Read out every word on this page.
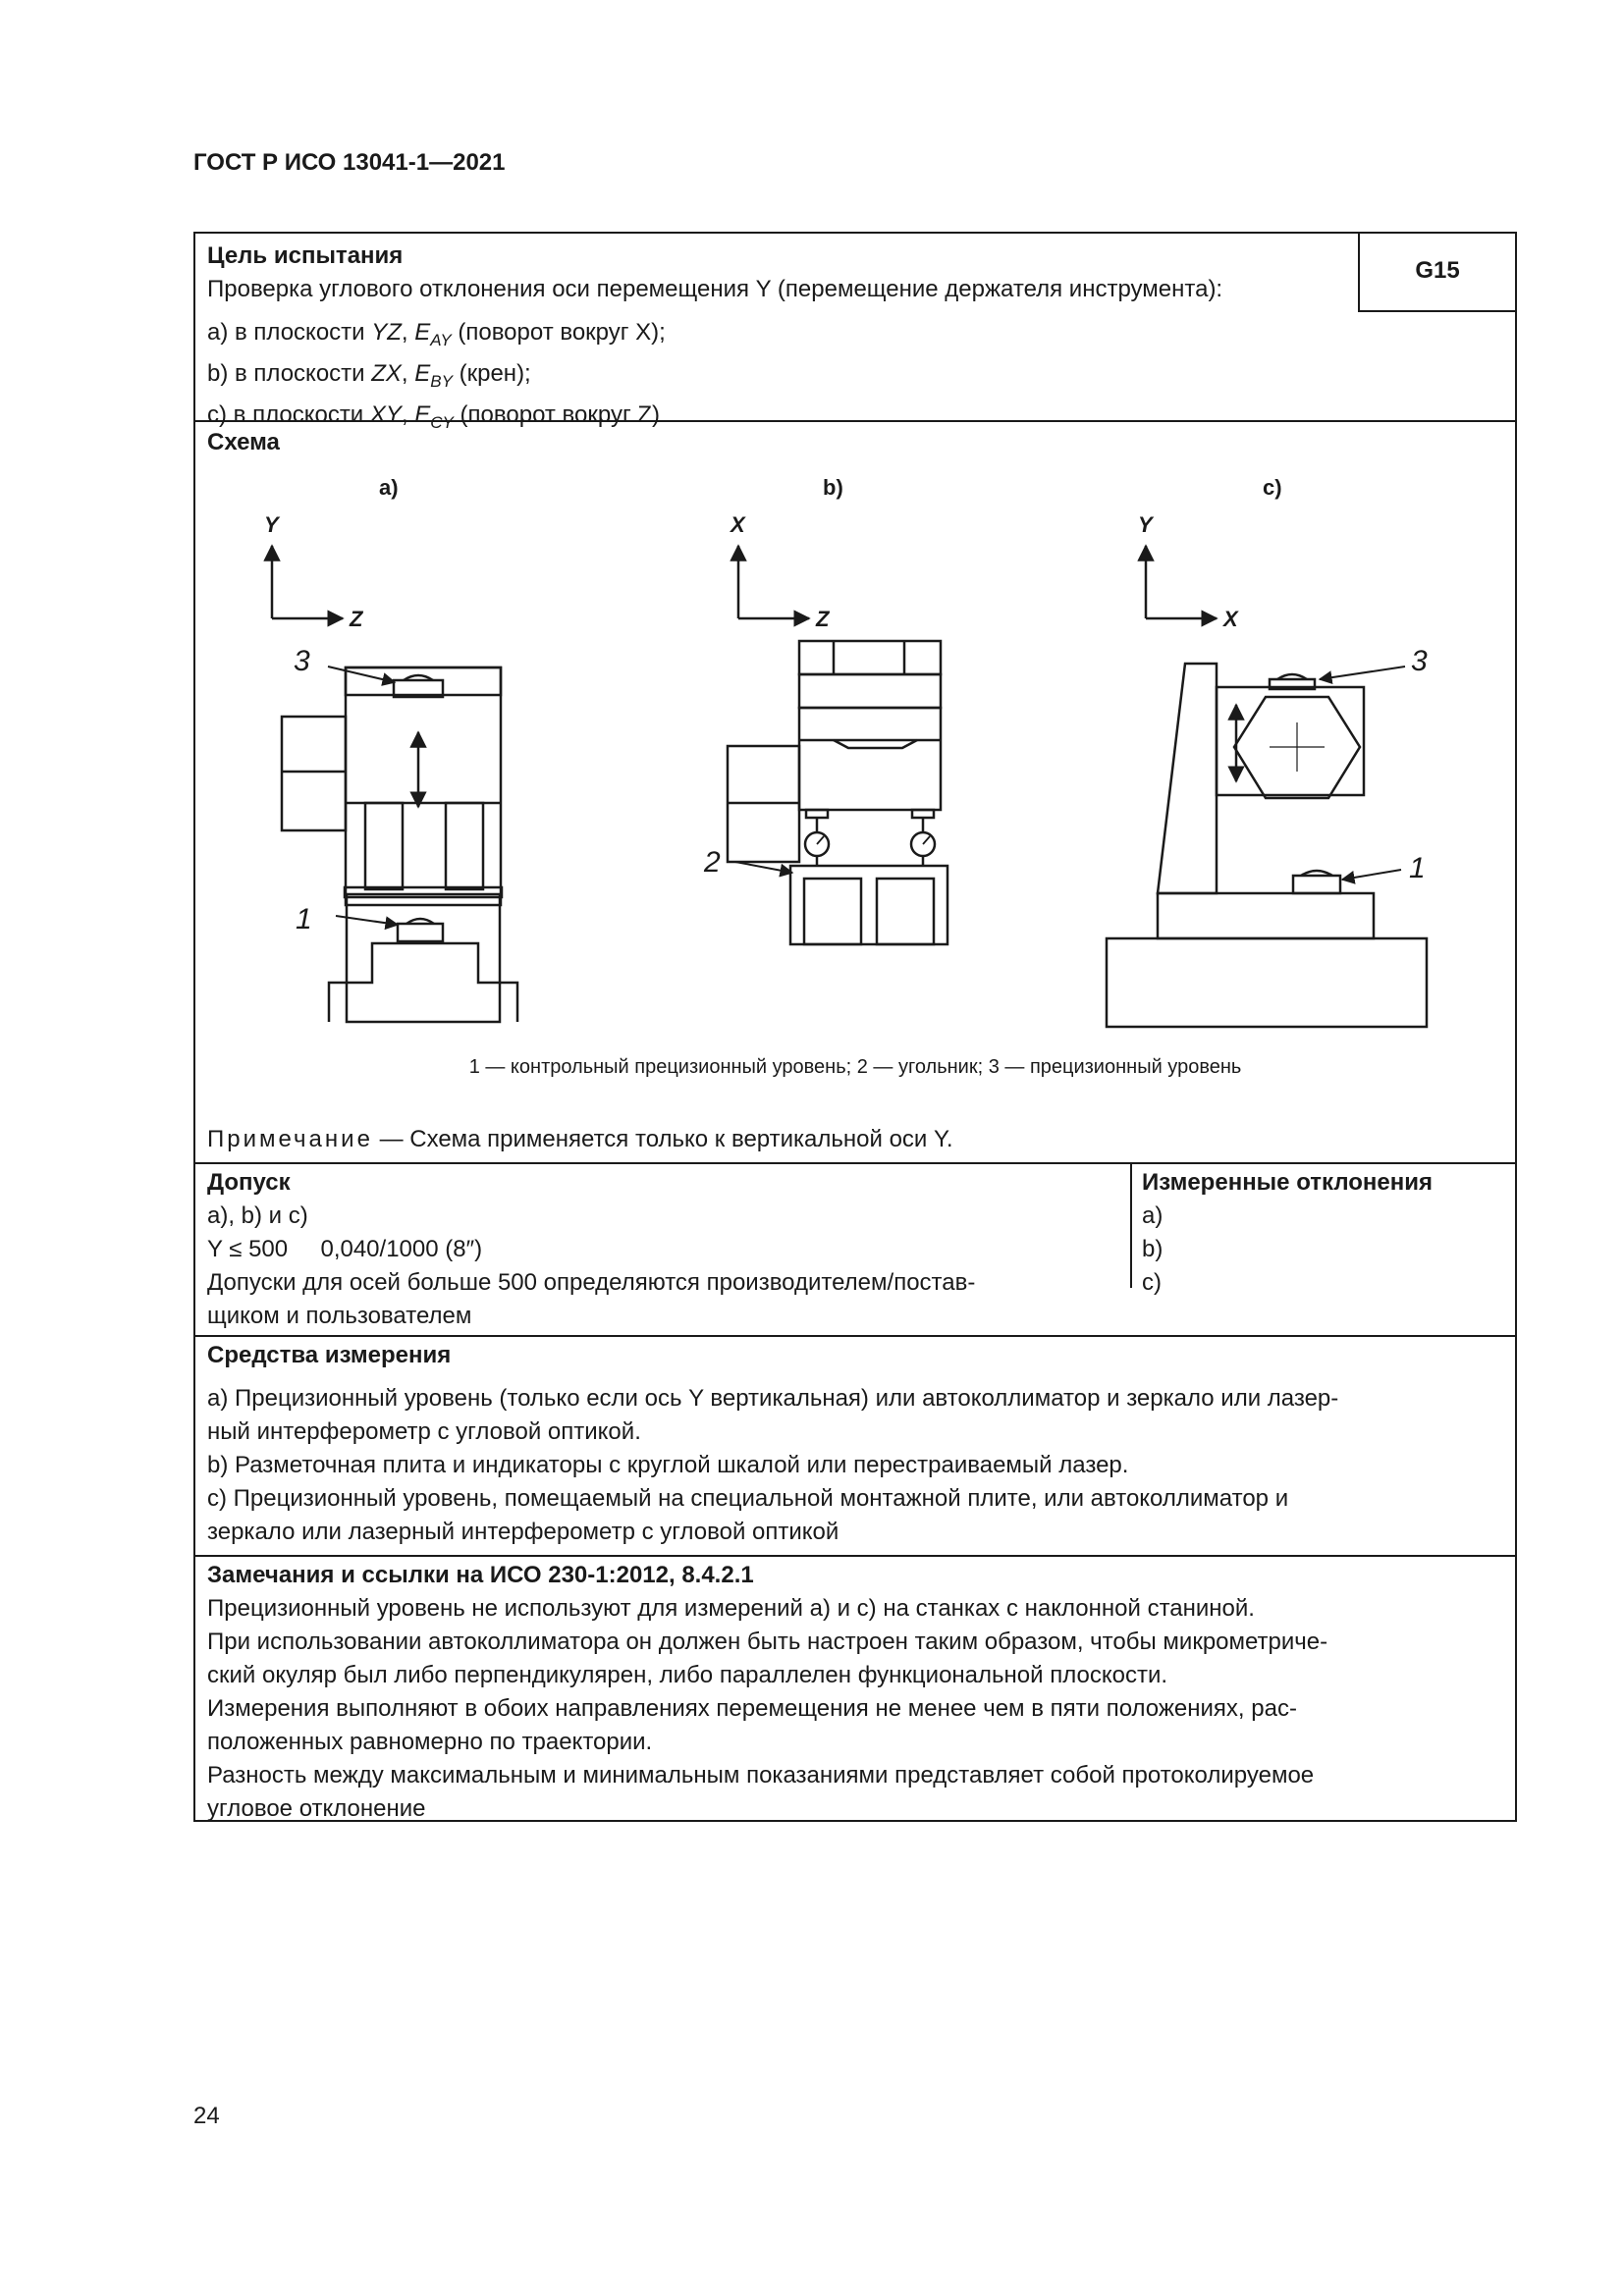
ГОСТ Р ИСО 13041-1—2021
G15
Цель испытания
Проверка углового отклонения оси перемещения Y (перемещение держателя инструмента):
a) в плоскости YZ, $E_{AY}$ (поворот вокруг X);
b) в плоскости ZX, $E_{BY}$ (крен);
c) в плоскости XY, $E_{CY}$ (поворот вокруг Z)
Схема
a)	b)	c)
Y
Z
X
Z
Y
X
3
1
2
3
1
1 — контрольный прецизионный уровень; 2 — угольник; 3 — прецизионный уровень
Примечание — Схема применяется только к вертикальной оси Y.
Допуск
a), b) и c)
Y ≤ 500     0,040/1000 (8″)
Допуски для осей больше 500 определяются производителем/постав-
щиком и пользователем
Измеренные отклонения
a)
b)
c)
Средства измерения
a) Прецизионный уровень (только если ось Y вертикальная) или автоколлиматор и зеркало или лазер-
ный интерферометр с угловой оптикой.
b) Разметочная плита и индикаторы с круглой шкалой или перестраиваемый лазер.
c) Прецизионный уровень, помещаемый на специальной монтажной плите, или автоколлиматор и
зеркало или лазерный интерферометр с угловой оптикой
Замечания и ссылки на ИСО 230-1:2012, 8.4.2.1
Прецизионный уровень не используют для измерений a) и c) на станках с наклонной станиной.
При использовании автоколлиматора он должен быть настроен таким образом, чтобы микрометриче-
ский окуляр был либо перпендикулярен, либо параллелен функциональной плоскости.
Измерения выполняют в обоих направлениях перемещения не менее чем в пяти положениях, рас-
положенных равномерно по траектории.
Разность между максимальным и минимальным показаниями представляет собой протоколируемое
угловое отклонение
24
